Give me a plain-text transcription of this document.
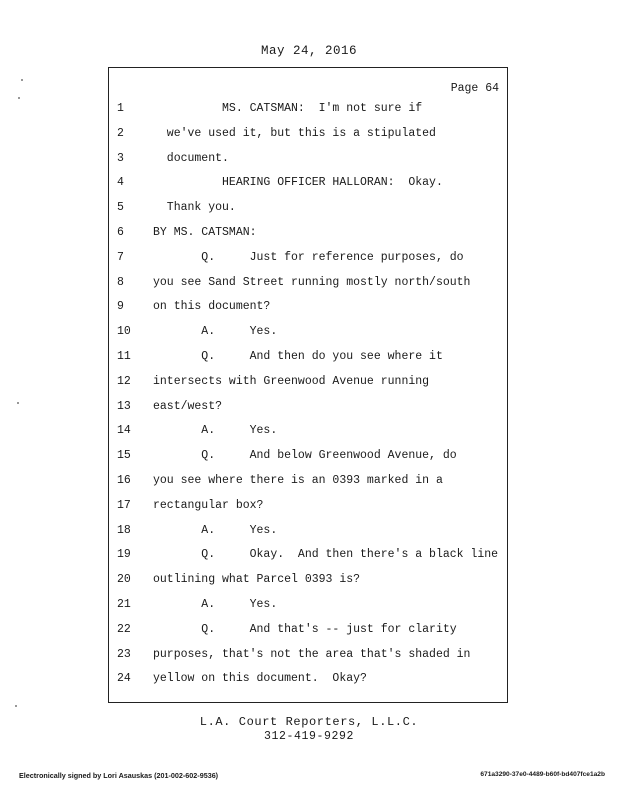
May 24, 2016
Page 64
1	MS. CATSMAN:  I'm not sure if
2	we've used it, but this is a stipulated
3	document.
4	HEARING OFFICER HALLORAN:  Okay.
5	Thank you.
6	BY MS. CATSMAN:
7	Q.     Just for reference purposes, do
8	you see Sand Street running mostly north/south
9	on this document?
10	A.     Yes.
11	Q.     And then do you see where it
12	intersects with Greenwood Avenue running
13	east/west?
14	A.     Yes.
15	Q.     And below Greenwood Avenue, do
16	you see where there is an 0393 marked in a
17	rectangular box?
18	A.     Yes.
19	Q.     Okay.  And then there's a black line
20	outlining what Parcel 0393 is?
21	A.     Yes.
22	Q.     And that's -- just for clarity
23	purposes, that's not the area that's shaded in
24	yellow on this document.  Okay?
L.A. Court Reporters, L.L.C.
312-419-9292
Electronically signed by Lori Asauskas (201-002-602-9536)	671a3290-37e0-4489-b60f-bd407fce1a2b
